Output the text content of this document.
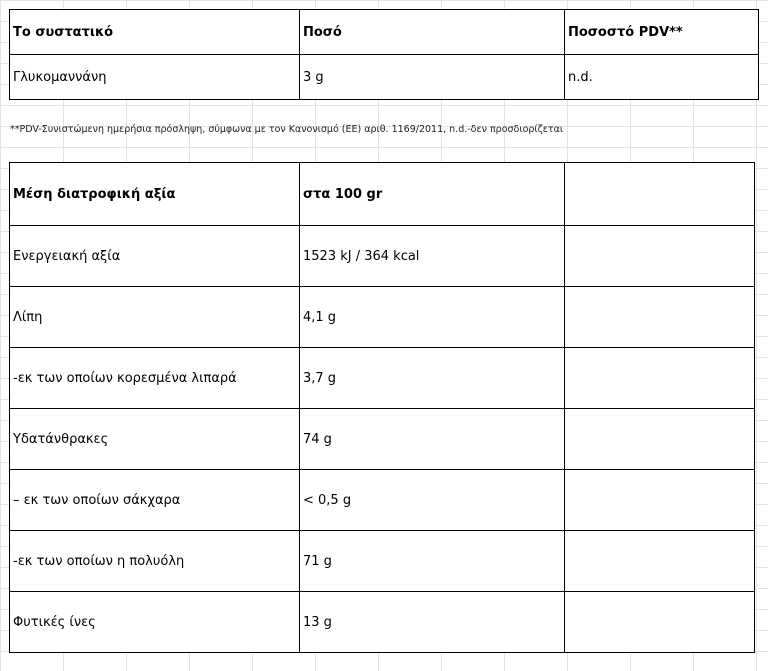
Το συστατικό	Ποσό	Ποσοστό PDV**
Γλυκομαννάνη	3 g	n.d.
**PDV-Συνιστώμενη ημερήσια πρόσληψη, σύμφωνα με τον Κανονισμό (ΕΕ) αριθ. 1169/2011, n.d.-δεν προσδιορίζεται
Μέση διατροφική αξία	στα 100 gr	
Ενεργειακή αξία	1523 kJ / 364 kcal	
Λίπη	4,1 g	
-εκ των οποίων κορεσμένα λιπαρά	3,7 g	
Υδατάνθρακες	74 g	
– εκ των οποίων σάκχαρα	< 0,5 g	
-εκ των οποίων η πολυόλη	71 g	
Φυτικές ίνες	13 g	
